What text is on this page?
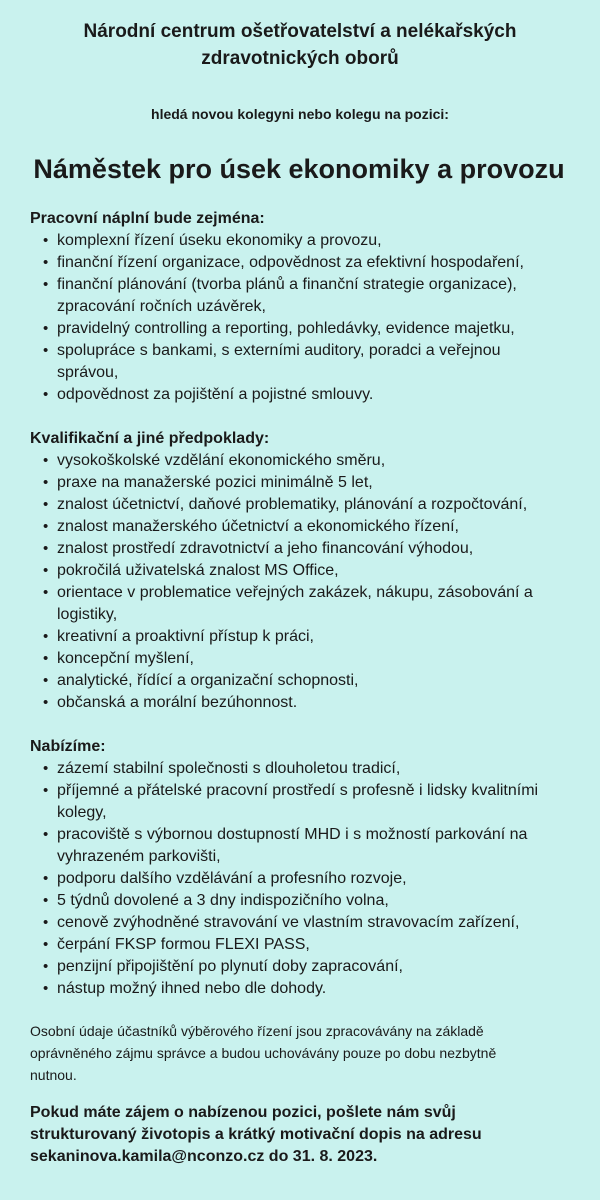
Národní centrum ošetřovatelství a nelékařských zdravotnických oborů

hledá novou kolegyni nebo kolegu na pozici:

Náměstek pro úsek ekonomiky a provozu
Pracovní náplní bude zejména:
• komplexní řízení úseku ekonomiky a provozu,
• finanční řízení organizace, odpovědnost za efektivní hospodaření,
• finanční plánování (tvorba plánů a finanční strategie organizace), zpracování ročních uzávěrek,
• pravidelný controlling a reporting, pohledávky, evidence majetku,
• spolupráce s bankami, s externími auditory, poradci a veřejnou správou,
• odpovědnost za pojištění a pojistné smlouvy.
Kvalifikační a jiné předpoklady:
• vysokoškolské vzdělání ekonomického směru,
• praxe na manažerské pozici minimálně 5 let,
• znalost účetnictví, daňové problematiky, plánování a rozpočtování,
• znalost manažerského účetnictví a ekonomického řízení,
• znalost prostředí zdravotnictví a jeho financování výhodou,
• pokročilá uživatelská znalost MS Office,
• orientace v problematice veřejných zakázek, nákupu, zásobování a logistiky,
• kreativní a proaktivní přístup k práci,
• koncepční myšlení,
• analytické, řídící a organizační schopnosti,
• občanská a morální bezúhonnost.
Nabízíme:
• zázemí stabilní společnosti s dlouholetou tradicí,
• příjemné a přátelské pracovní prostředí s profesně i lidsky kvalitními kolegy,
• pracoviště s výbornou dostupností MHD i s možností parkování na vyhrazeném parkovišti,
• podporu dalšího vzdělávání a profesního rozvoje,
• 5 týdnů dovolené a 3 dny indispozičního volna,
• cenově zvýhodněné stravování ve vlastním stravovacím zařízení,
• čerpání FKSP formou FLEXI PASS,
• penzijní připojištění po plynutí doby zapracování,
• nástup možný ihned nebo dle dohody.

Osobní údaje účastníků výběrového řízení jsou zpracovávány na základě oprávněného zájmu správce a budou uchovávány pouze po dobu nezbytně nutnou.

Pokud máte zájem o nabízenou pozici, pošlete nám svůj strukturovaný životopis a krátký motivační dopis na adresu sekaninova.kamila@nconzo.cz do 31. 8. 2023.
